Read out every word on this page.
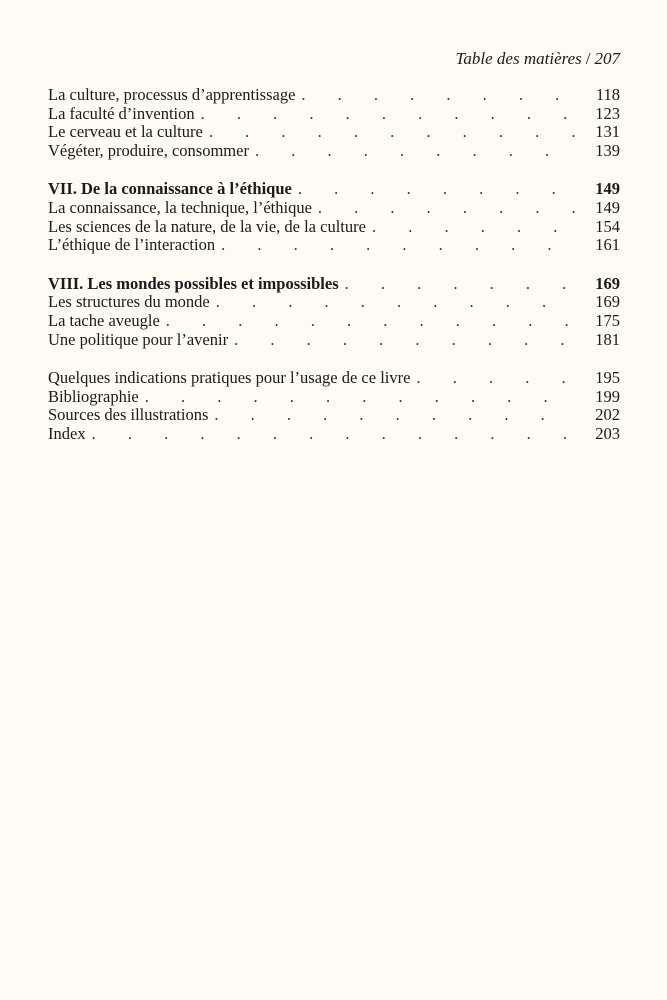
Table des matières / 207
La culture, processus d’apprentissage . . .	118
La faculté d’invention . . .	123
Le cerveau et la culture . . .	131
Végéter, produire, consommer . . .	139
VII. De la connaissance à l’éthique . . .	149
La connaissance, la technique, l’éthique . . .	149
Les sciences de la nature, de la vie, de la culture . . .	154
L’éthique de l’interaction . . .	161
VIII. Les mondes possibles et impossibles . . .	169
Les structures du monde . . .	169
La tache aveugle . . .	175
Une politique pour l’avenir . . .	181
Quelques indications pratiques pour l’usage de ce livre . . .	195
Bibliographie . . .	199
Sources des illustrations . . .	202
Index . . .	203
